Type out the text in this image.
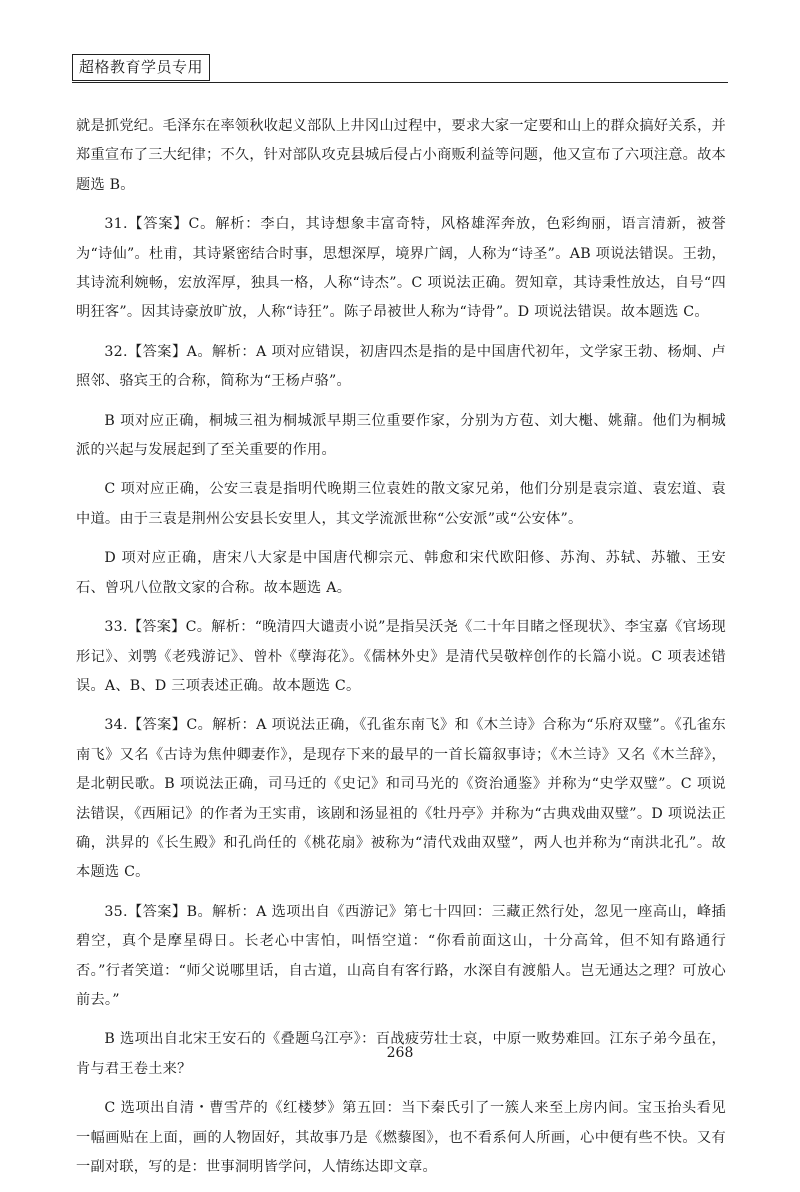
超格教育学员专用

就是抓党纪。毛泽东在率领秋收起义部队上井冈山过程中，要求大家一定要和山上的群众搞好关系，并郑重宣布了三大纪律；不久，针对部队攻克县城后侵占小商贩利益等问题，他又宣布了六项注意。故本题选 B。

31.【答案】C。解析：李白，其诗想象丰富奇特，风格雄浑奔放，色彩绚丽，语言清新，被誉为“诗仙”。杜甫，其诗紧密结合时事，思想深厚，境界广阔，人称为“诗圣”。AB 项说法错误。王勃，其诗流利婉畅，宏放浑厚，独具一格，人称“诗杰”。C 项说法正确。贺知章，其诗秉性放达，自号“四明狂客”。因其诗豪放旷放，人称“诗狂”。陈子昂被世人称为“诗骨”。D 项说法错误。故本题选 C。

32.【答案】A。解析：A 项对应错误，初唐四杰是指的是中国唐代初年，文学家王勃、杨炯、卢照邻、骆宾王的合称，简称为“王杨卢骆”。

B 项对应正确，桐城三祖为桐城派早期三位重要作家，分别为方苞、刘大櫆、姚鼐。他们为桐城派的兴起与发展起到了至关重要的作用。

C 项对应正确，公安三袁是指明代晚期三位袁姓的散文家兄弟，他们分别是袁宗道、袁宏道、袁中道。由于三袁是荆州公安县长安里人，其文学流派世称“公安派”或“公安体”。

D 项对应正确，唐宋八大家是中国唐代柳宗元、韩愈和宋代欧阳修、苏洵、苏轼、苏辙、王安石、曾巩八位散文家的合称。故本题选 A。

33.【答案】C。解析：“晚清四大谴责小说”是指吴沃尧《二十年目睹之怪现状》、李宝嘉《官场现形记》、刘鹗《老残游记》、曾朴《孽海花》。《儒林外史》是清代吴敬梓创作的长篇小说。C 项表述错误。A、B、D 三项表述正确。故本题选 C。

34.【答案】C。解析：A 项说法正确，《孔雀东南飞》和《木兰诗》合称为“乐府双璧”。《孔雀东南飞》又名《古诗为焦仲卿妻作》，是现存下来的最早的一首长篇叙事诗；《木兰诗》又名《木兰辞》，是北朝民歌。B 项说法正确，司马迁的《史记》和司马光的《资治通鉴》并称为“史学双璧”。C 项说法错误，《西厢记》的作者为王实甫，该剧和汤显祖的《牡丹亭》并称为“古典戏曲双璧”。D 项说法正确，洪昇的《长生殿》和孔尚任的《桃花扇》被称为“清代戏曲双璧”，两人也并称为“南洪北孔”。故本题选 C。

35.【答案】B。解析：A 选项出自《西游记》第七十四回：三藏正然行处，忽见一座高山，峰插碧空，真个是摩星碍日。长老心中害怕，叫悟空道：“你看前面这山，十分高耸，但不知有路通行否。”行者笑道：“师父说哪里话，自古道，山高自有客行路，水深自有渡船人。岂无通达之理？可放心前去。”

B 选项出自北宋王安石的《叠题乌江亭》：百战疲劳壮士哀，中原一败势难回。江东子弟今虽在，肯与君王卷土来？

C 选项出自清・曹雪芹的《红楼梦》第五回：当下秦氏引了一簇人来至上房内间。宝玉抬头看见一幅画贴在上面，画的人物固好，其故事乃是《燃藜图》，也不看系何人所画，心中便有些不快。又有一副对联，写的是：世事洞明皆学问，人情练达即文章。

268
